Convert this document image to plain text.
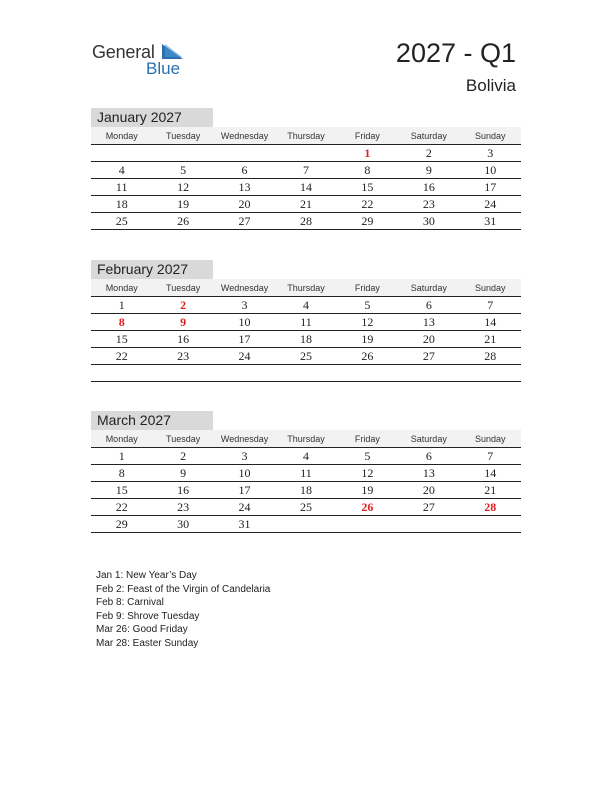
General
Blue
2027 - Q1
Bolivia
January 2027
Monday	Tuesday	Wednesday	Thursday	Friday	Saturday	Sunday
				1	2	3
4	5	6	7	8	9	10
11	12	13	14	15	16	17
18	19	20	21	22	23	24
25	26	27	28	29	30	31
February 2027
Monday	Tuesday	Wednesday	Thursday	Friday	Saturday	Sunday
1	2	3	4	5	6	7
8	9	10	11	12	13	14
15	16	17	18	19	20	21
22	23	24	25	26	27	28

March 2027
Monday	Tuesday	Wednesday	Thursday	Friday	Saturday	Sunday
1	2	3	4	5	6	7
8	9	10	11	12	13	14
15	16	17	18	19	20	21
22	23	24	25	26	27	28
29	30	31				
Jan 1: New Year’s Day
Feb 2: Feast of the Virgin of Candelaria
Feb 8: Carnival
Feb 9: Shrove Tuesday
Mar 26: Good Friday
Mar 28: Easter Sunday
